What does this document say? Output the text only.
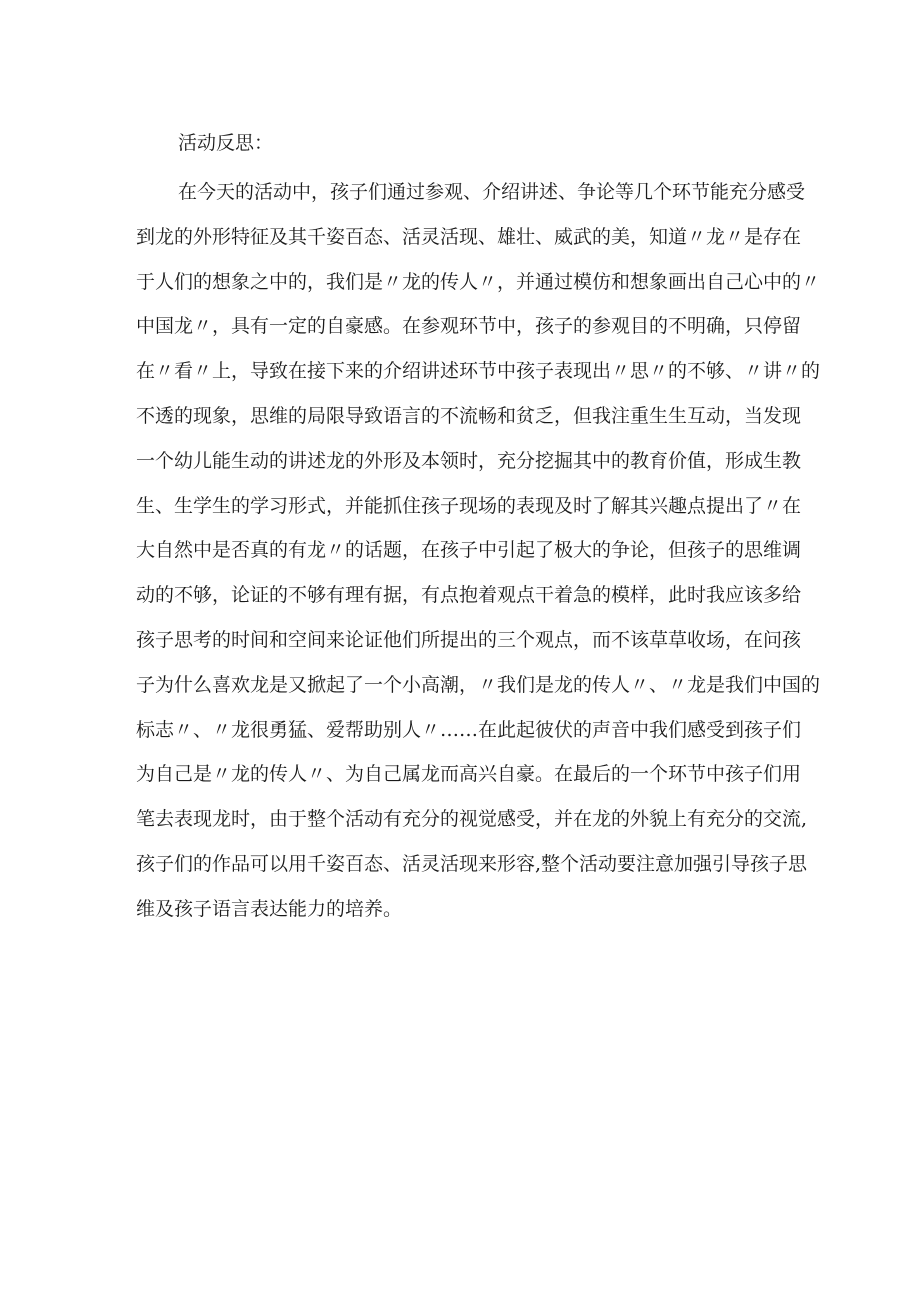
活动反思：
在今天的活动中，孩子们通过参观、介绍讲述、争论等几个环节能充分感受
到龙的外形特征及其千姿百态、活灵活现、雄壮、威武的美，知道〃龙〃是存在
于人们的想象之中的，我们是〃龙的传人〃，并通过模仿和想象画出自己心中的〃
中国龙〃，具有一定的自豪感。在参观环节中，孩子的参观目的不明确，只停留
在〃看〃上，导致在接下来的介绍讲述环节中孩子表现出〃思〃的不够、〃讲〃的
不透的现象，思维的局限导致语言的不流畅和贫乏，但我注重生生互动，当发现
一个幼儿能生动的讲述龙的外形及本领时，充分挖掘其中的教育价值，形成生教
生、生学生的学习形式，并能抓住孩子现场的表现及时了解其兴趣点提出了〃在
大自然中是否真的有龙〃的话题，在孩子中引起了极大的争论，但孩子的思维调
动的不够，论证的不够有理有据，有点抱着观点干着急的模样，此时我应该多给
孩子思考的时间和空间来论证他们所提出的三个观点，而不该草草收场，在问孩
子为什么喜欢龙是又掀起了一个小高潮，〃我们是龙的传人〃、〃龙是我们中国的
标志〃、〃龙很勇猛、爱帮助别人〃……在此起彼伏的声音中我们感受到孩子们
为自己是〃龙的传人〃、为自己属龙而高兴自豪。在最后的一个环节中孩子们用
笔去表现龙时，由于整个活动有充分的视觉感受，并在龙的外貌上有充分的交流,
孩子们的作品可以用千姿百态、活灵活现来形容,整个活动要注意加强引导孩子思
维及孩子语言表达能力的培养。
